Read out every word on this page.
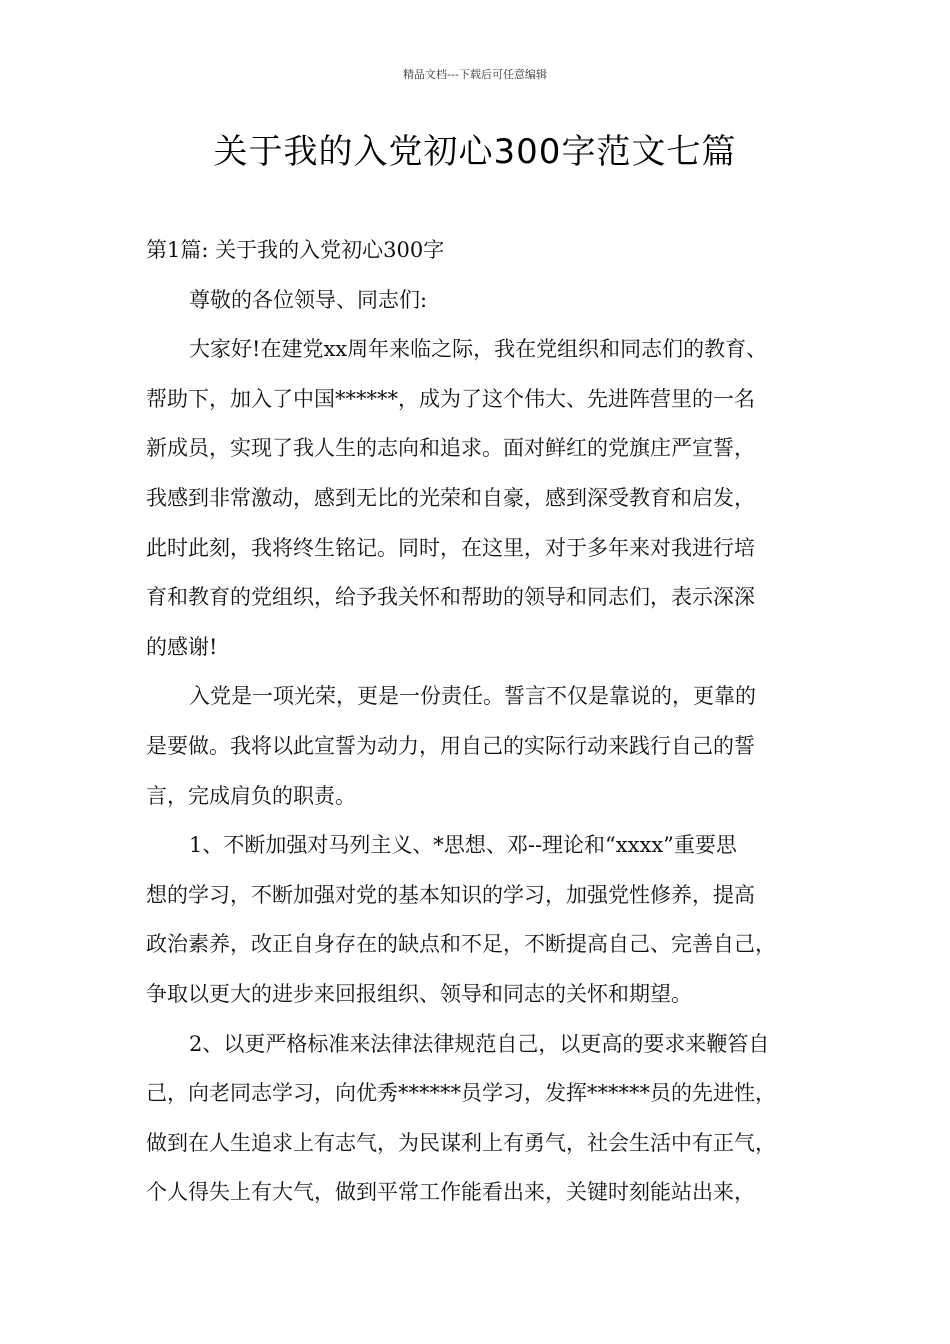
精品文档---下载后可任意编辑
关于我的入党初心300字范文七篇
第1篇: 关于我的入党初心300字
尊敬的各位领导、同志们:
大家好!在建党xx周年来临之际，我在党组织和同志们的教育、
帮助下，加入了中国******，成为了这个伟大、先进阵营里的一名
新成员，实现了我人生的志向和追求。面对鲜红的党旗庄严宣誓，
我感到非常激动，感到无比的光荣和自豪，感到深受教育和启发，
此时此刻，我将终生铭记。同时，在这里，对于多年来对我进行培
育和教育的党组织，给予我关怀和帮助的领导和同志们，表示深深
的感谢!
入党是一项光荣，更是一份责任。誓言不仅是靠说的，更靠的
是要做。我将以此宣誓为动力，用自己的实际行动来践行自己的誓
言，完成肩负的职责。
1、不断加强对马列主义、*思想、邓--理论和“xxxx”重要思
想的学习，不断加强对党的基本知识的学习，加强党性修养，提高
政治素养，改正自身存在的缺点和不足，不断提高自己、完善自己，
争取以更大的进步来回报组织、领导和同志的关怀和期望。
2、以更严格标准来法律法律规范自己，以更高的要求来鞭笞自
己，向老同志学习，向优秀******员学习，发挥******员的先进性，
做到在人生追求上有志气，为民谋利上有勇气，社会生活中有正气，
个人得失上有大气，做到平常工作能看出来，关键时刻能站出来，
